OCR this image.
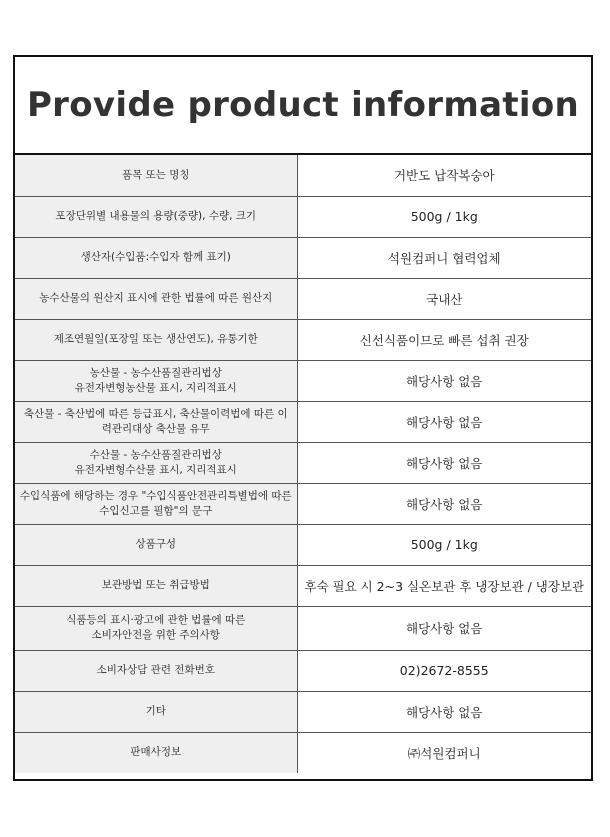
Provide product information
품목 또는 명칭	거반도 납작복숭아
포장단위별 내용물의 용량(중량), 수량, 크기	500g / 1kg
생산자(수입품:수입자 함께 표기)	석원컴퍼니 협력업체
농수산물의 원산지 표시에 관한 법률에 따른 원산지	국내산
제조연월일(포장일 또는 생산연도), 유통기한	신선식품이므로 빠른 섭취 권장
농산물 - 농수산품질관리법상
유전자변형농산물 표시, 지리적표시	해당사항 없음
축산물 - 축산법에 따른 등급표시, 축산물이력법에 따른 이
력관리대상 축산물 유무	해당사항 없음
수산물 - 농수산품질관리법상
유전자변형수산물 표시, 지리적표시	해당사항 없음
수입식품에 해당하는 경우 "수입식품안전관리특별법에 따른
수입신고를 필함"의 문구	해당사항 없음
상품구성	500g / 1kg
보관방법 또는 취급방법	후숙 필요 시 2~3 실온보관 후 냉장보관 / 냉장보관
식품등의 표시·광고에 관한 법률에 따른
소비자안전을 위한 주의사항	해당사항 없음
소비자상담 관련 전화번호	02)2672-8555
기타	해당사항 없음
판매사정보	㈜석원컴퍼니
